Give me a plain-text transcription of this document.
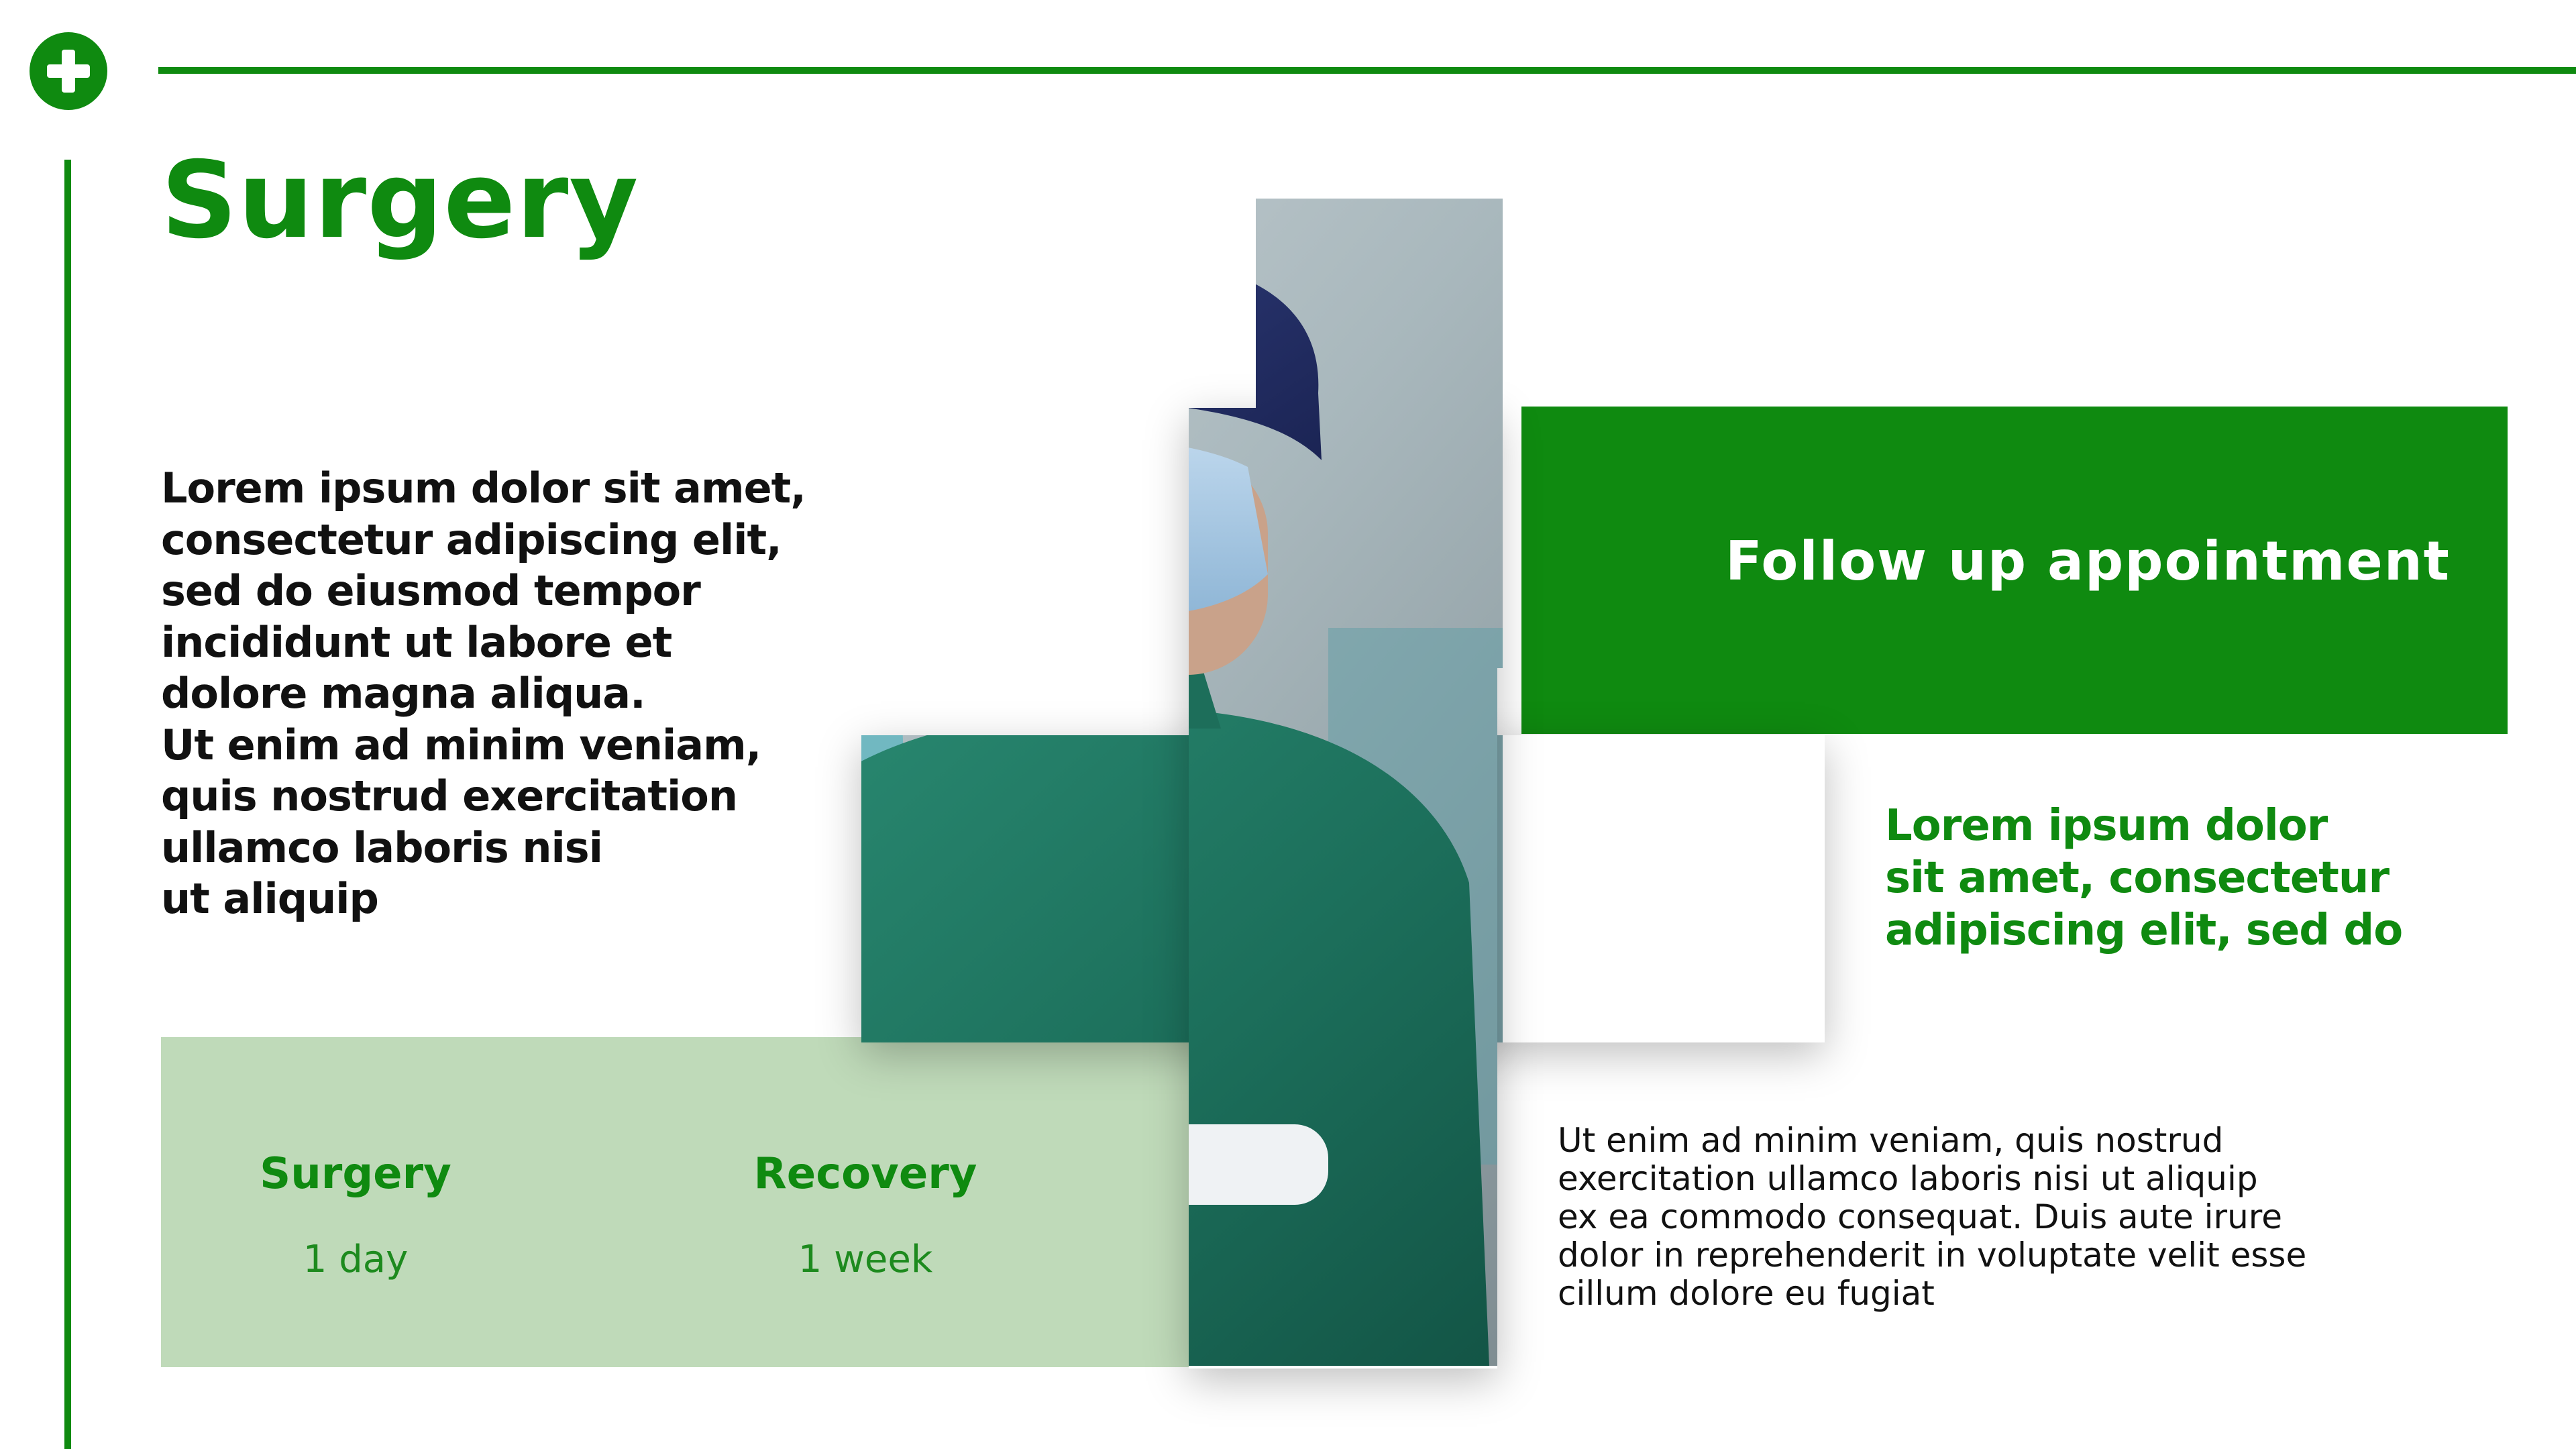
Surgery
Lorem ipsum dolor sit amet,
consectetur adipiscing elit,
sed do eiusmod tempor
incididunt ut labore et
dolore magna aliqua.
Ut enim ad minim veniam,
quis nostrud exercitation
ullamco laboris nisi
ut aliquip
Surgery
1 day
Recovery
1 week
Follow up appointment
Lorem ipsum dolor
sit amet, consectetur
adipiscing elit, sed do
Ut enim ad minim veniam, quis nostrud
exercitation ullamco laboris nisi ut aliquip
ex ea commodo consequat. Duis aute irure
dolor in reprehenderit in voluptate velit esse
cillum dolore eu fugiat
